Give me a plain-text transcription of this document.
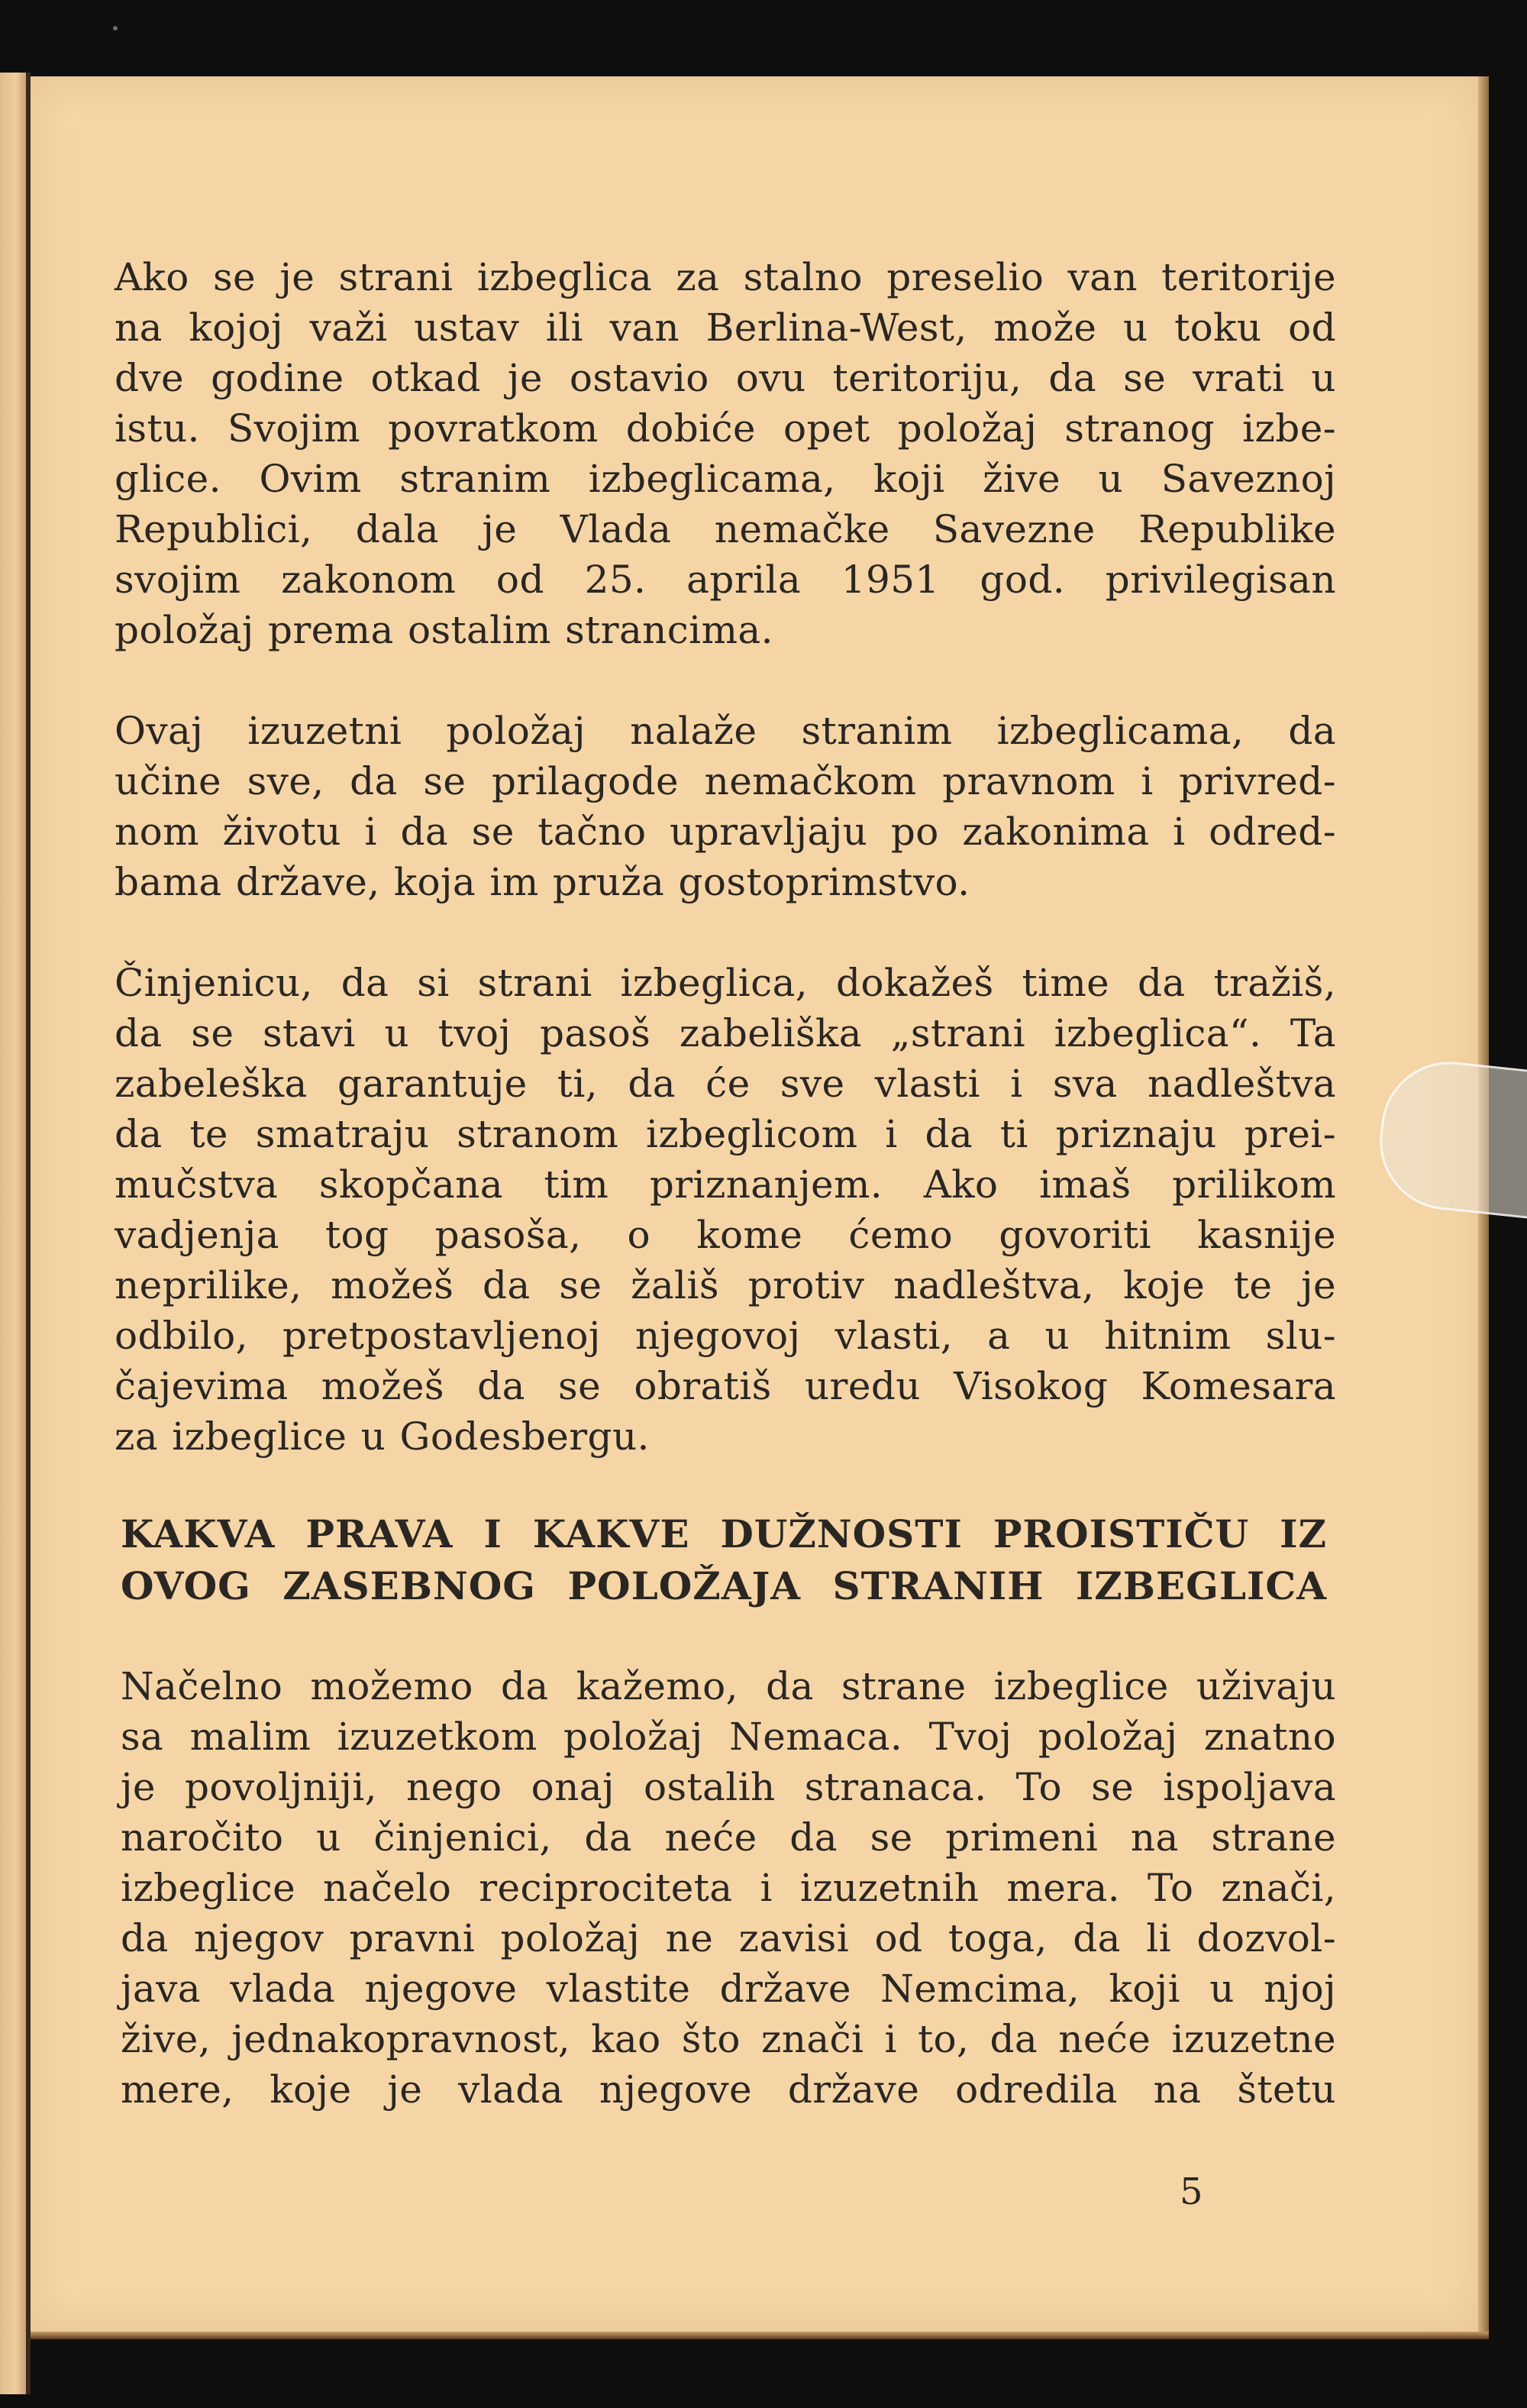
Ako se je strani izbeglica za stalno preselio van teritorije
na kojoj važi ustav ili van Berlina-West, može u toku od
dve godine otkad je ostavio ovu teritoriju, da se vrati u
istu. Svojim povratkom dobiće opet položaj stranog izbe-
glice. Ovim stranim izbeglicama, koji žive u Saveznoj
Republici, dala je Vlada nemačke Savezne Republike
svojim zakonom od 25. aprila 1951 god. privilegisan
položaj prema ostalim strancima.

Ovaj izuzetni položaj nalaže stranim izbeglicama, da
učine sve, da se prilagode nemačkom pravnom i privred-
nom životu i da se tačno upravljaju po zakonima i odred-
bama države, koja im pruža gostoprimstvo.

Činjenicu, da si strani izbeglica, dokažeš time da tražiš,
da se stavi u tvoj pasoš zabeliška „strani izbeglica“. Ta
zabeleška garantuje ti, da će sve vlasti i sva nadleštva
da te smatraju stranom izbeglicom i da ti priznaju prei-
mučstva skopčana tim priznanjem. Ako imaš prilikom
vadjenja tog pasoša, o kome ćemo govoriti kasnije
neprilike, možeš da se žališ protiv nadleštva, koje te je
odbilo, pretpostavljenoj njegovoj vlasti, a u hitnim slu-
čajevima možeš da se obratiš uredu Visokog Komesara
za izbeglice u Godesbergu.

KAKVA PRAVA I KAKVE DUŽNOSTI PROISTIČU IZ
OVOG ZASEBNOG POLOŽAJA STRANIH IZBEGLICA

Načelno možemo da kažemo, da strane izbeglice uživaju
sa malim izuzetkom položaj Nemaca. Tvoj položaj znatno
je povoljniji, nego onaj ostalih stranaca. To se ispoljava
naročito u činjenici, da neće da se primeni na strane
izbeglice načelo reciprociteta i izuzetnih mera. To znači,
da njegov pravni položaj ne zavisi od toga, da li dozvol-
java vlada njegove vlastite države Nemcima, koji u njoj
žive, jednakopravnost, kao što znači i to, da neće izuzetne
mere, koje je vlada njegove države odredila na štetu

5
